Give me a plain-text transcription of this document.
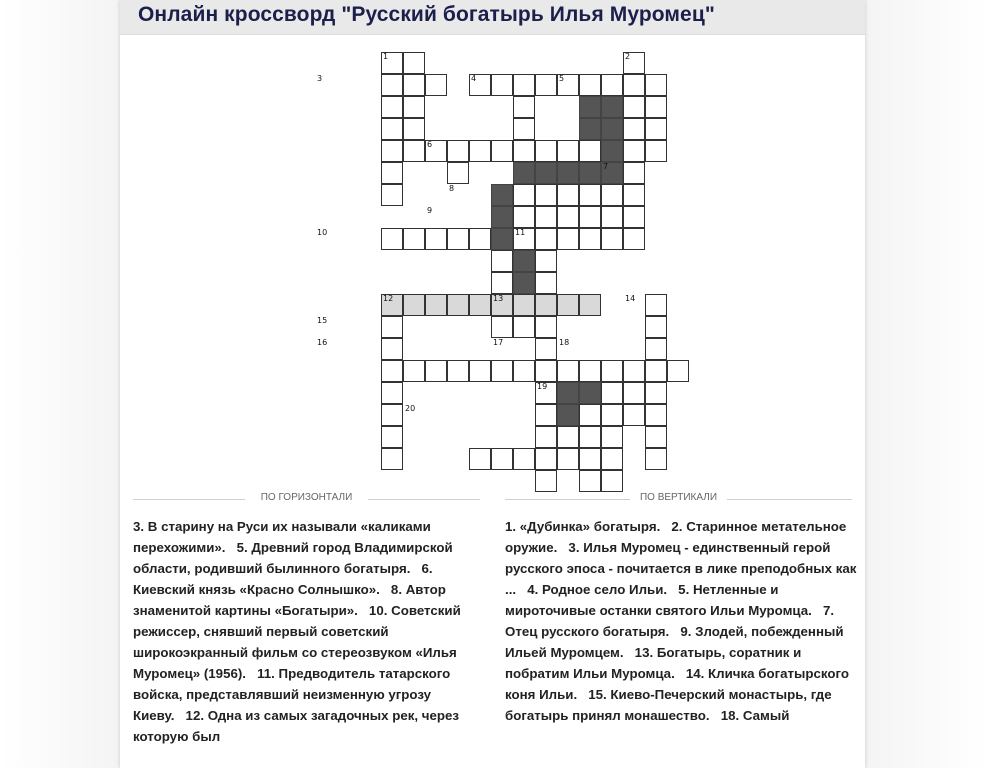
Онлайн кроссворд "Русский богатырь Илья Муромец"
1	2
3	4	5
6
7
8
9
10	11
12	13	14
15
16	17	18
19
20
ПО ГОРИЗОНТАЛИ	ПО ВЕРТИКАЛИ
3. В старину на Руси их называли «каликами перехожими». 5. Древний город Владимирской области, родивший былинного богатыря. 6. Киевский князь «Красно Солнышко». 8. Автор знаменитой картины «Богатыри». 10. Советский режиссер, снявший первый советский широкоэкранный фильм со стереозвуком «Илья Муромец» (1956). 11. Предводитель татарского войска, представлявший неизменную угрозу Киеву. 12. Одна из самых загадочных рек, через которую был
1. «Дубинка» богатыря. 2. Старинное метательное оружие. 3. Илья Муромец - единственный герой русского эпоса - почитается в лике преподобных как ... 4. Родное село Ильи. 5. Нетленные и мироточивые останки святого Ильи Муромца. 7. Отец русского богатыря. 9. Злодей, побежденный Ильей Муромцем. 13. Богатырь, соратник и побратим Ильи Муромца. 14. Кличка богатырского коня Ильи. 15. Киево-Печерский монастырь, где богатырь принял монашество. 18. Самый
